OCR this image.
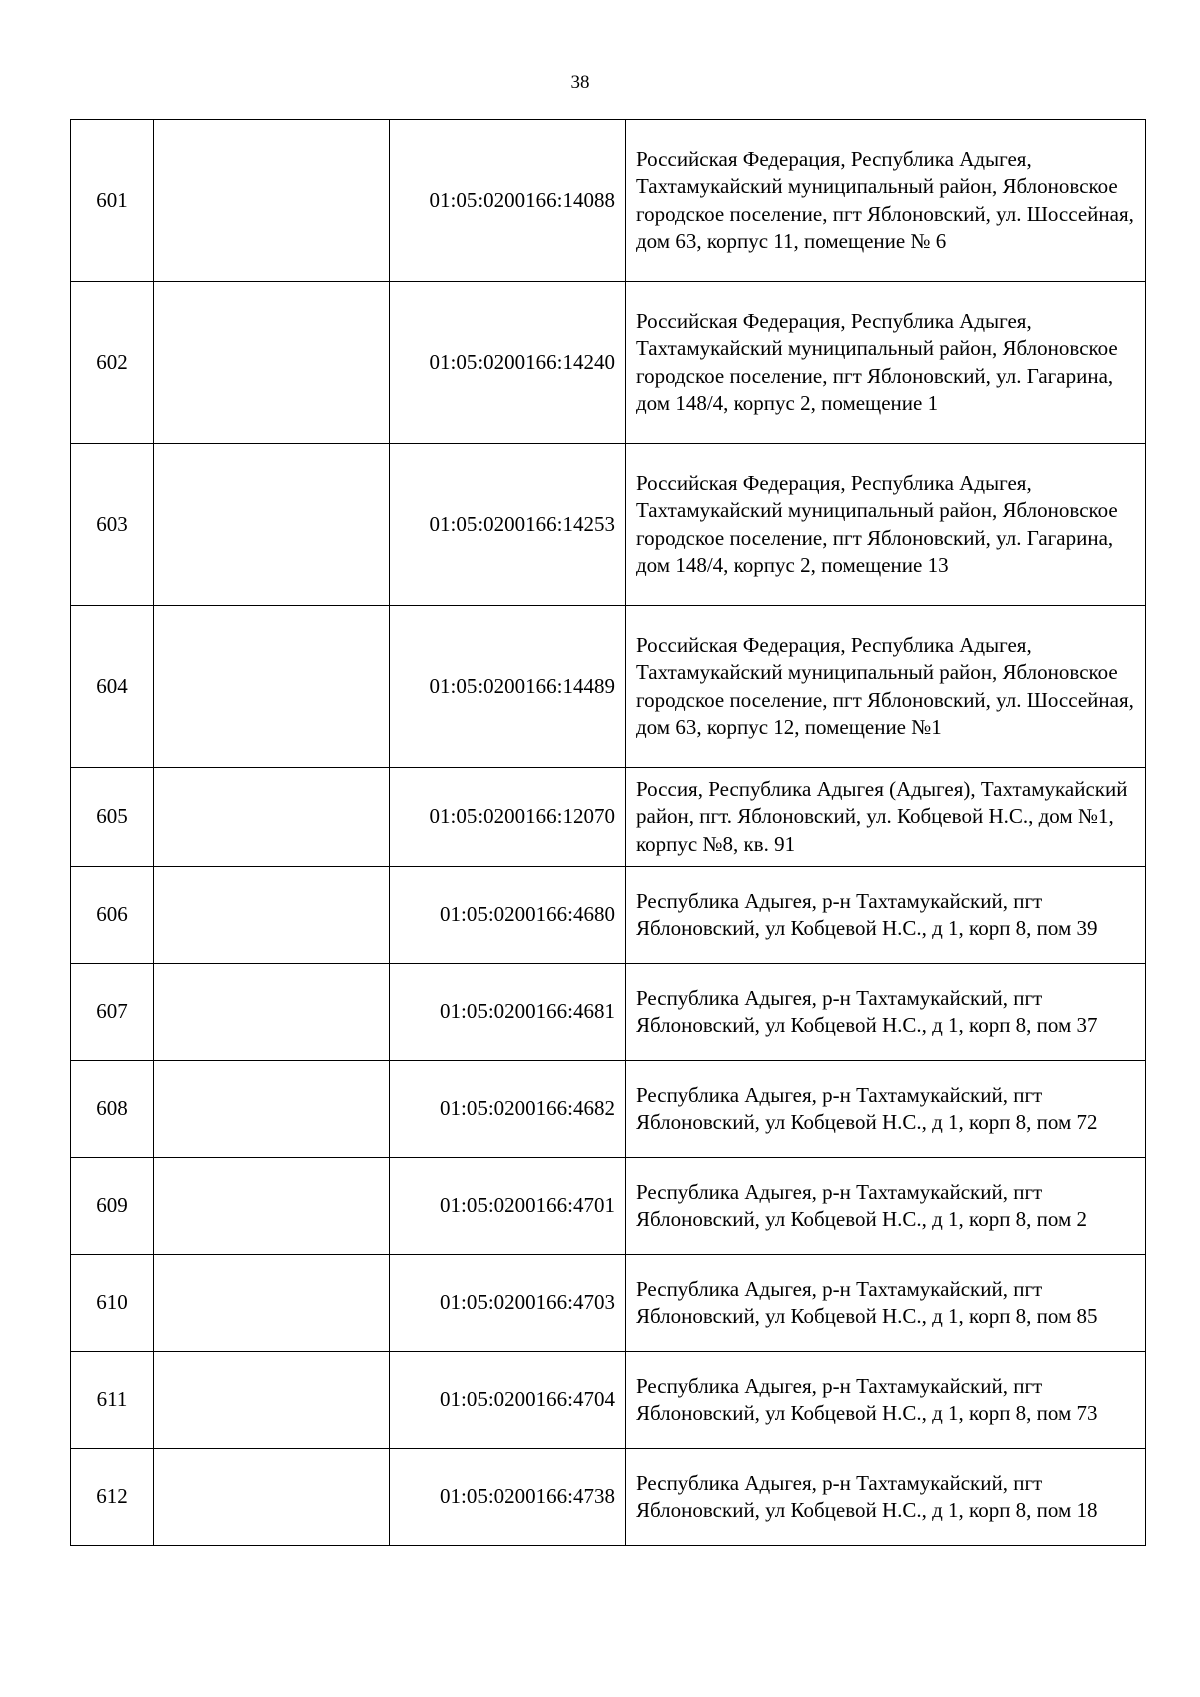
38
601		01:05:0200166:14088	Российская Федерация, Республика Адыгея, Тахтамукайский муниципальный район, Яблоновское городское поселение, пгт Яблоновский, ул. Шоссейная, дом 63, корпус 11, помещение № 6
602		01:05:0200166:14240	Российская Федерация, Республика Адыгея, Тахтамукайский муниципальный район, Яблоновское городское поселение, пгт Яблоновский, ул. Гагарина, дом 148/4, корпус 2, помещение 1
603		01:05:0200166:14253	Российская Федерация, Республика Адыгея, Тахтамукайский муниципальный район, Яблоновское городское поселение, пгт Яблоновский, ул. Гагарина, дом 148/4, корпус 2, помещение 13
604		01:05:0200166:14489	Российская Федерация, Республика Адыгея, Тахтамукайский муниципальный район, Яблоновское городское поселение, пгт Яблоновский, ул. Шоссейная, дом 63, корпус 12, помещение №1
605		01:05:0200166:12070	Россия, Республика Адыгея (Адыгея), Тахтамукайский район, пгт. Яблоновский, ул. Кобцевой Н.С., дом №1, корпус №8, кв. 91
606		01:05:0200166:4680	Республика Адыгея, р-н Тахтамукайский, пгт Яблоновский, ул Кобцевой Н.С., д 1, корп 8, пом 39
607		01:05:0200166:4681	Республика Адыгея, р-н Тахтамукайский, пгт Яблоновский, ул Кобцевой Н.С., д 1, корп 8, пом 37
608		01:05:0200166:4682	Республика Адыгея, р-н Тахтамукайский, пгт Яблоновский, ул Кобцевой Н.С., д 1, корп 8, пом 72
609		01:05:0200166:4701	Республика Адыгея, р-н Тахтамукайский, пгт Яблоновский, ул Кобцевой Н.С., д 1, корп 8, пом 2
610		01:05:0200166:4703	Республика Адыгея, р-н Тахтамукайский, пгт Яблоновский, ул Кобцевой Н.С., д 1, корп 8, пом 85
611		01:05:0200166:4704	Республика Адыгея, р-н Тахтамукайский, пгт Яблоновский, ул Кобцевой Н.С., д 1, корп 8, пом 73
612		01:05:0200166:4738	Республика Адыгея, р-н Тахтамукайский, пгт Яблоновский, ул Кобцевой Н.С., д 1, корп 8, пом 18
